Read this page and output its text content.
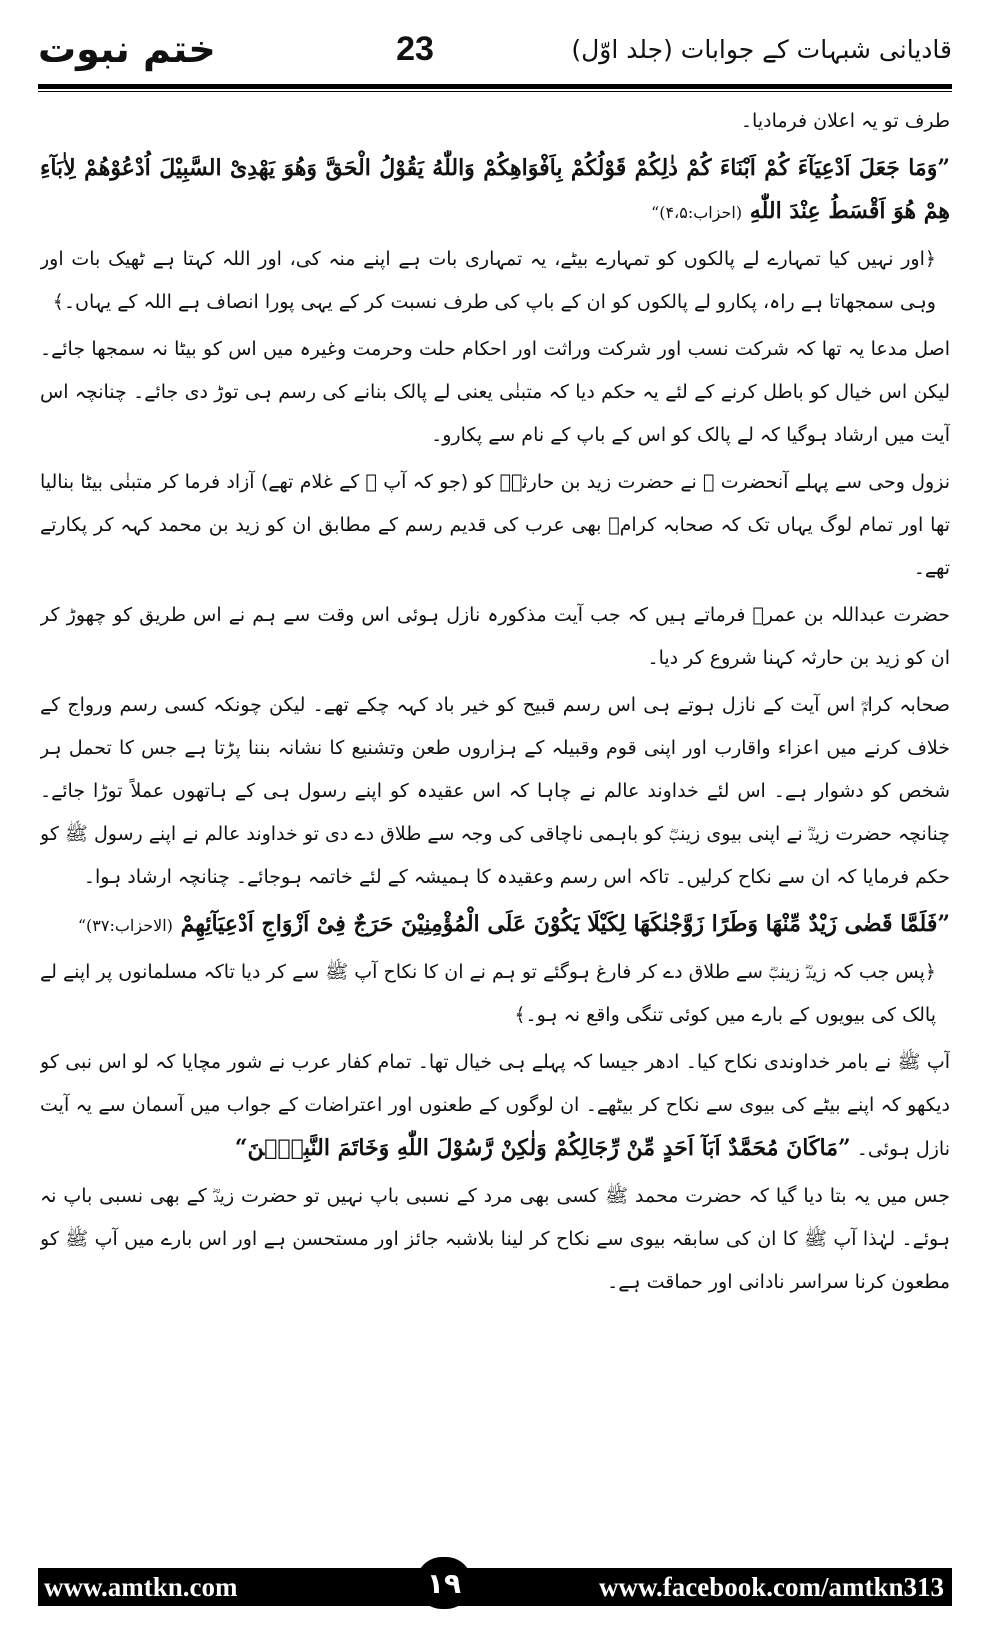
ختم نبوت	23	قادیانی شبہات کے جوابات (جلد اوّل)

طرف تو یہ اعلان فرمادیا۔

”وَمَا جَعَلَ اَدْعِیَآءَ کُمْ اَبْنَاءَ کُمْ ذٰلِکُمْ قَوْلُکُمْ بِاَفْوَاهِکُمْ وَاللّٰهُ یَقُوْلُ الْحَقَّ وَهُوَ یَهْدِیْ السَّبِیْلَ اُدْعُوْهُمْ لِاٰبَآءِ هِمْ هُوَ اَقْسَطُ عِنْدَ اللّٰهِ (احزاب:۴،۵)“

﴿اور نہیں کیا تمہارے لے پالکوں کو تمہارے بیٹے، یہ تمہاری بات ہے اپنے منہ کی، اور اللہ کہتا ہے ٹھیک بات اور وہی سمجھاتا ہے راہ، پکارو لے پالکوں کو ان کے باپ کی طرف نسبت کر کے یہی پورا انصاف ہے اللہ کے یہاں۔﴾

اصل مدعا یہ تھا کہ شرکت نسب اور شرکت وراثت اور احکام حلت وحرمت وغیرہ میں اس کو بیٹا نہ سمجھا جائے۔ لیکن اس خیال کو باطل کرنے کے لئے یہ حکم دیا کہ متبنٰی یعنی لے پالک بنانے کی رسم ہی توڑ دی جائے۔ چنانچہ اس آیت میں ارشاد ہوگیا کہ لے پالک کو اس کے باپ کے نام سے پکارو۔

نزول وحی سے پہلے آنحضرت ﷺ نے حضرت زید بن حارثہؓ کو (جو کہ آپ ﷺ کے غلام تھے) آزاد فرما کر متبنٰی بیٹا بنالیا تھا اور تمام لوگ یہاں تک کہ صحابہ کرامؓ بھی عرب کی قدیم رسم کے مطابق ان کو زید بن محمد کہہ کر پکارتے تھے۔

حضرت عبداللہ بن عمرؓ فرماتے ہیں کہ جب آیت مذکورہ نازل ہوئی اس وقت سے ہم نے اس طریق کو چھوڑ کر ان کو زید بن حارثہ کہنا شروع کر دیا۔

صحابہ کرامؓ اس آیت کے نازل ہوتے ہی اس رسم قبیح کو خیر باد کہہ چکے تھے۔ لیکن چونکہ کسی رسم ورواج کے خلاف کرنے میں اعزاء واقارب اور اپنی قوم وقبیلہ کے ہزاروں طعن وتشنیع کا نشانہ بننا پڑتا ہے جس کا تحمل ہر شخص کو دشوار ہے۔ اس لئے خداوند عالم نے چاہا کہ اس عقیدہ کو اپنے رسول ہی کے ہاتھوں عملاً توڑا جائے۔ چنانچہ حضرت زیدؓ نے اپنی بیوی زینبؓ کو باہمی ناچاقی کی وجہ سے طلاق دے دی تو خداوند عالم نے اپنے رسول ﷺ کو حکم فرمایا کہ ان سے نکاح کرلیں۔ تاکہ اس رسم وعقیدہ کا ہمیشہ کے لئے خاتمہ ہوجائے۔ چنانچہ ارشاد ہوا۔

”فَلَمَّا قَضٰی زَیْدٌ مِّنْهَا وَطَرًا زَوَّجْنٰکَهَا لِکَیْلَا یَکُوْنَ عَلَی الْمُؤْمِنِیْنَ حَرَجٌ فِیْ اَزْوَاجِ اَدْعِیَآئِهِمْ (الاحزاب:۳۷)“

﴿پس جب کہ زیدؓ زینبؓ سے طلاق دے کر فارغ ہوگئے تو ہم نے ان کا نکاح آپ ﷺ سے کر دیا تاکہ مسلمانوں پر اپنے لے پالک کی بیویوں کے بارے میں کوئی تنگی واقع نہ ہو۔﴾

آپ ﷺ نے بامر خداوندی نکاح کیا۔ ادھر جیسا کہ پہلے ہی خیال تھا۔ تمام کفار عرب نے شور مچایا کہ لو اس نبی کو دیکھو کہ اپنے بیٹے کی بیوی سے نکاح کر بیٹھے۔ ان لوگوں کے طعنوں اور اعتراضات کے جواب میں آسمان سے یہ آیت نازل ہوئی۔ ”مَاکَانَ مُحَمَّدٌ اَبَآ اَحَدٍ مِّنْ رِّجَالِکُمْ وَلٰکِنْ رَّسُوْلَ اللّٰهِ وَخَاتَمَ النَّبِیّٖنَ“

جس میں یہ بتا دیا گیا کہ حضرت محمد ﷺ کسی بھی مرد کے نسبی باپ نہیں تو حضرت زیدؓ کے بھی نسبی باپ نہ ہوئے۔ لہٰذا آپ ﷺ کا ان کی سابقہ بیوی سے نکاح کر لینا بلاشبہ جائز اور مستحسن ہے اور اس بارے میں آپ ﷺ کو مطعون کرنا سراسر نادانی اور حماقت ہے۔

www.amtkn.com	۱۹	www.facebook.com/amtkn313
